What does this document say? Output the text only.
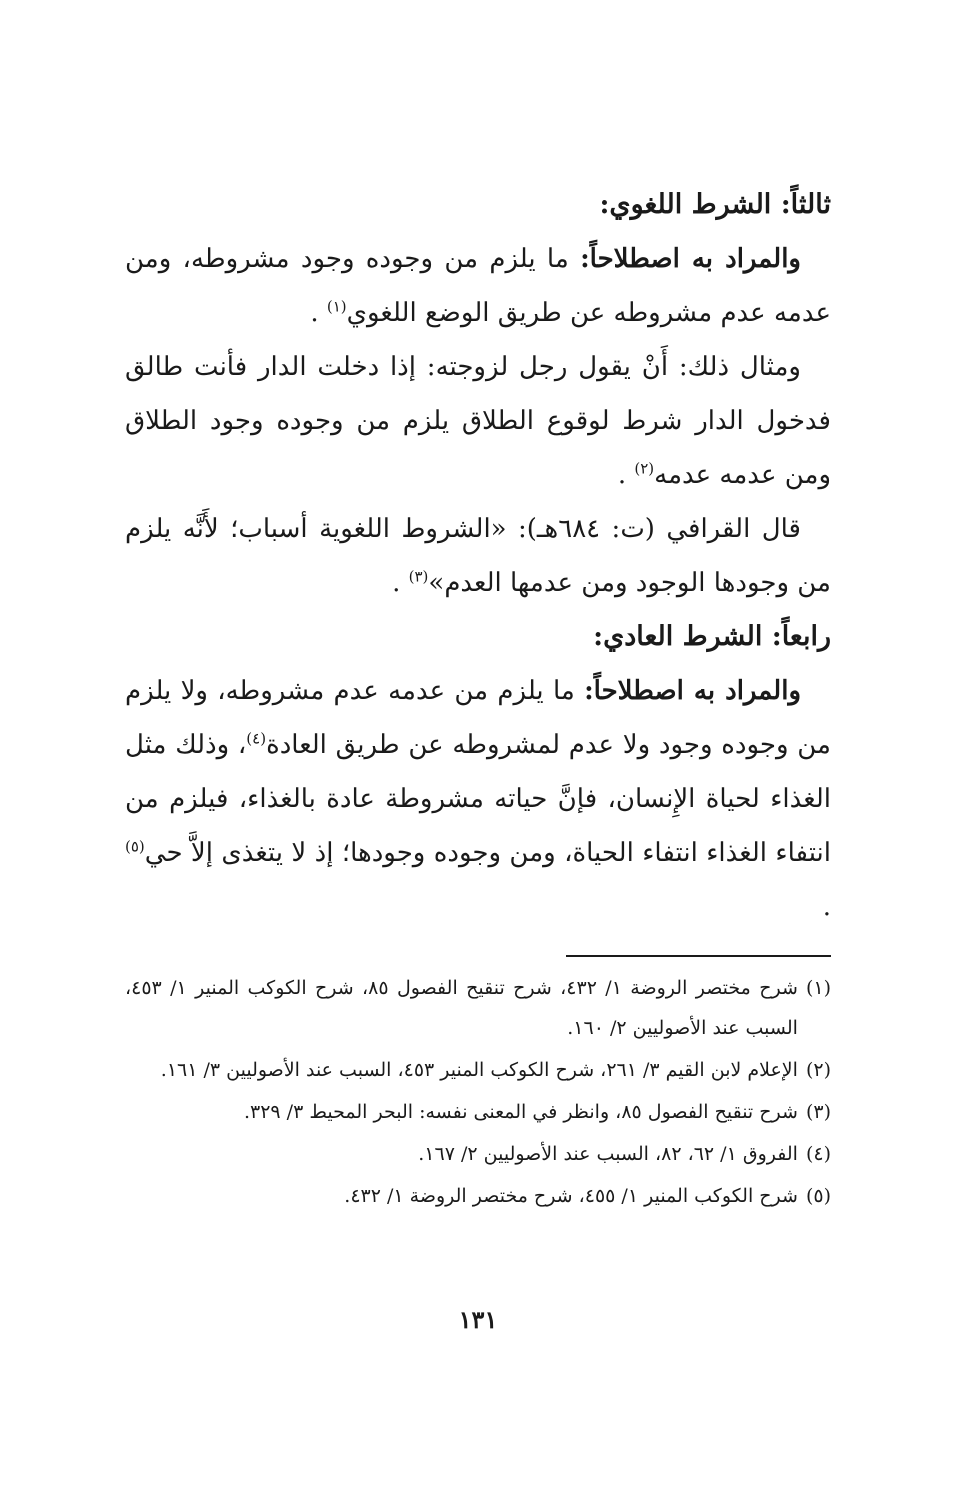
ثالثاً: الشرط اللغوي:

والمراد به اصطلاحاً: ما يلزم من وجوده وجود مشروطه، ومن عدمه عدم مشروطه عن طريق الوضع اللغوي$^{(١)}$ .

ومثال ذلك: أَنْ يقول رجل لزوجته: إذا دخلت الدار فأنت طالق فدخول الدار شرط لوقوع الطلاق يلزم من وجوده وجود الطلاق ومن عدمه عدمه$^{(٢)}$ .

قال القرافي (ت: ٦٨٤هـ): «الشروط اللغوية أسباب؛ لأَنَّه يلزم من وجودها الوجود ومن عدمها العدم»$^{(٣)}$ .

رابعاً: الشرط العادي:

والمراد به اصطلاحاً: ما يلزم من عدمه عدم مشروطه، ولا يلزم من وجوده وجود ولا عدم لمشروطه عن طريق العادة$^{(٤)}$، وذلك مثل الغذاء لحياة الإِنسان، فإنَّ حياته مشروطة عادة بالغذاء، فيلزم من انتفاء الغذاء انتفاء الحياة، ومن وجوده وجودها؛ إذ لا يتغذى إلاَّ حي$^{(٥)}$ .

(١)
شرح مختصر الروضة ١/ ٤٣٢، شرح تنقيح الفصول ٨٥، شرح الكوكب المنير ١/ ٤٥٣، السبب عند الأصوليين ٢/ ١٦٠.
(٢)
الإعلام لابن القيم ٣/ ٢٦١، شرح الكوكب المنير ٤٥٣، السبب عند الأصوليين ٣/ ١٦١.
(٣)
شرح تنقيح الفصول ٨٥، وانظر في المعنى نفسه: البحر المحيط ٣/ ٣٢٩.
(٤)
الفروق ١/ ٦٢، ٨٢، السبب عند الأصوليين ٢/ ١٦٧.
(٥)
شرح الكوكب المنير ١/ ٤٥٥، شرح مختصر الروضة ١/ ٤٣٢.
١٣١
